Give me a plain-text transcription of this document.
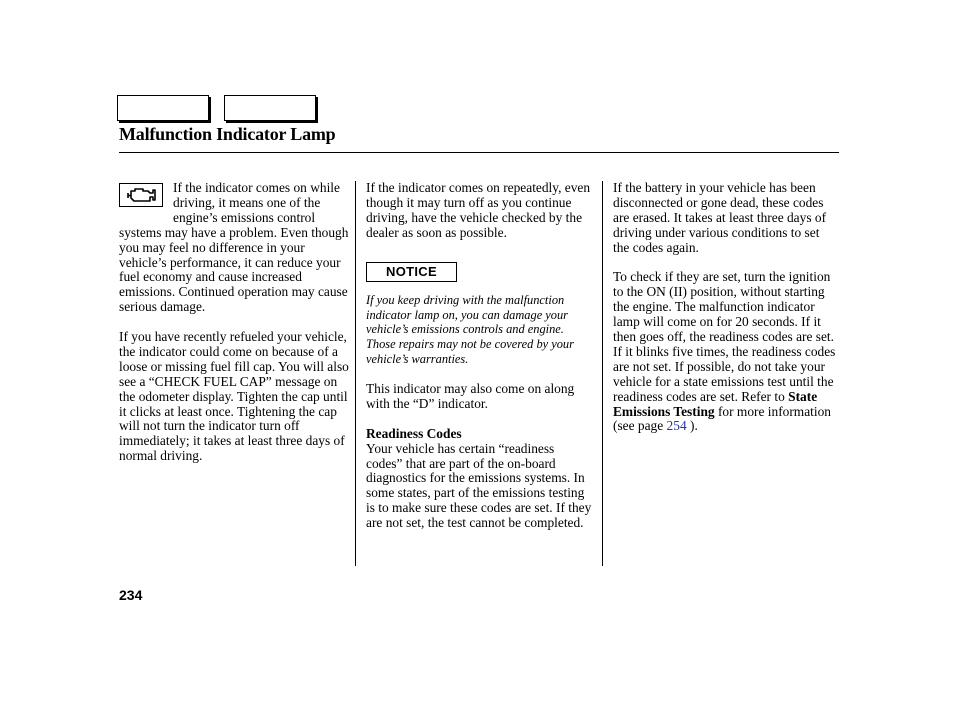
Malfunction Indicator Lamp

If the indicator comes on while driving, it means one of the engine’s emissions control systems may have a problem. Even though you may feel no difference in your vehicle’s performance, it can reduce your fuel economy and cause increased emissions. Continued operation may cause serious damage.

If you have recently refueled your vehicle, the indicator could come on because of a loose or missing fuel fill cap. You will also see a “CHECK FUEL CAP” message on the odometer display. Tighten the cap until it clicks at least once. Tightening the cap will not turn the indicator turn off immediately; it takes at least three days of normal driving.

If the indicator comes on repeatedly, even though it may turn off as you continue driving, have the vehicle checked by the dealer as soon as possible.

NOTICE

If you keep driving with the malfunction indicator lamp on, you can damage your vehicle’s emissions controls and engine. Those repairs may not be covered by your vehicle’s warranties.

This indicator may also come on along with the “D” indicator.

Readiness Codes

Your vehicle has certain “readiness codes” that are part of the on-board diagnostics for the emissions systems. In some states, part of the emissions testing is to make sure these codes are set. If they are not set, the test cannot be completed.

If the battery in your vehicle has been disconnected or gone dead, these codes are erased. It takes at least three days of driving under various conditions to set the codes again.

To check if they are set, turn the ignition to the ON (II) position, without starting the engine. The malfunction indicator lamp will come on for 20 seconds. If it then goes off, the readiness codes are set. If it blinks five times, the readiness codes are not set. If possible, do not take your vehicle for a state emissions test until the readiness codes are set. Refer to State Emissions Testing for more information (see page 254 ).

234
